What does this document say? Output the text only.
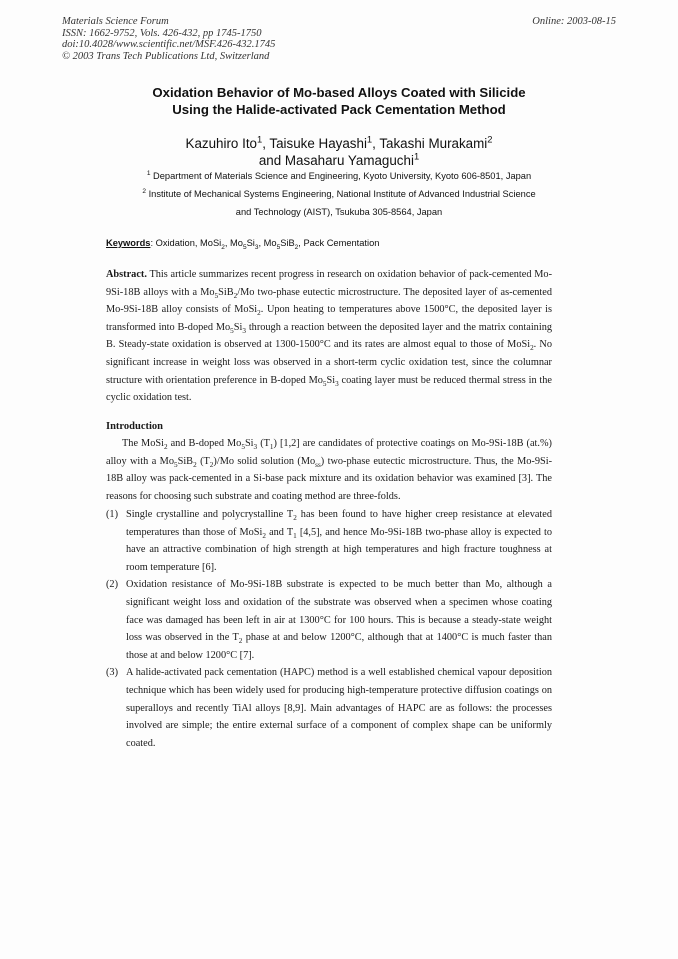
Materials Science Forum
ISSN: 1662-9752, Vols. 426-432, pp 1745-1750
doi:10.4028/www.scientific.net/MSF.426-432.1745
© 2003 Trans Tech Publications Ltd, Switzerland
Online: 2003-08-15
Oxidation Behavior of Mo-based Alloys Coated with Silicide
Using the Halide-activated Pack Cementation Method
Kazuhiro Ito$^1$, Taisuke Hayashi$^1$, Takashi Murakami$^2$
and Masaharu Yamaguchi$^1$
$^1$ Department of Materials Science and Engineering, Kyoto University, Kyoto 606-8501, Japan
$^2$ Institute of Mechanical Systems Engineering, National Institute of Advanced Industrial Science
and Technology (AIST), Tsukuba 305-8564, Japan
Keywords: Oxidation, MoSi$_2$, $Mo_5Si_3$, $Mo_5SiB_2$, Pack Cementation
Abstract. This article summarizes recent progress in research on oxidation behavior of pack-cemented Mo-9Si-18B alloys with a $Mo_5SiB_2/Mo$ two-phase eutectic microstructure. The deposited layer of as-cemented Mo-9Si-18B alloy consists of MoSi$_2$. Upon heating to temperatures above 1500°C, the deposited layer is transformed into B-doped $Mo_5Si_3$ through a reaction between the deposited layer and the matrix containing B. Steady-state oxidation is observed at 1300-1500°C and its rates are almost equal to those of MoSi$_2$. No significant increase in weight loss was observed in a short-term cyclic oxidation test, since the columnar structure with orientation preference in B-doped $Mo_5Si_3$ coating layer must be reduced thermal stress in the cyclic oxidation test.
Introduction

The MoSi$_2$ and B-doped $Mo_5Si_3$ $(T_1)$ [1,2] are candidates of protective coatings on Mo-9Si-18B (at.%) alloy with a $Mo_5SiB_2$ $(T_2)/Mo$ solid solution $(Mo_{ss})$ two-phase eutectic microstructure. Thus, the Mo-9Si-18B alloy was pack-cemented in a Si-base pack mixture and its oxidation behavior was examined [3]. The reasons for choosing such substrate and coating method are three-folds.

(1) Single crystalline and polycrystalline $T_2$ has been found to have higher creep resistance at elevated temperatures than those of MoSi$_2$ and $T_1$ [4,5], and hence Mo-9Si-18B two-phase alloy is expected to have an attractive combination of high strength at high temperatures and high fracture toughness at room temperature [6].
(2) Oxidation resistance of Mo-9Si-18B substrate is expected to be much better than Mo, although a significant weight loss and oxidation of the substrate was observed when a specimen whose coating face was damaged has been left in air at 1300°C for 100 hours. This is because a steady-state weight loss was observed in the $T_2$ phase at and below 1200°C, although that at 1400°C is much faster than those at and below 1200°C [7].
(3) A halide-activated pack cementation (HAPC) method is a well established chemical vapour deposition technique which has been widely used for producing high-temperature protective diffusion coatings on superalloys and recently TiAl alloys [8,9]. Main advantages of HAPC are as follows: the processes involved are simple; the entire external surface of a component of complex shape can be uniformly coated.
